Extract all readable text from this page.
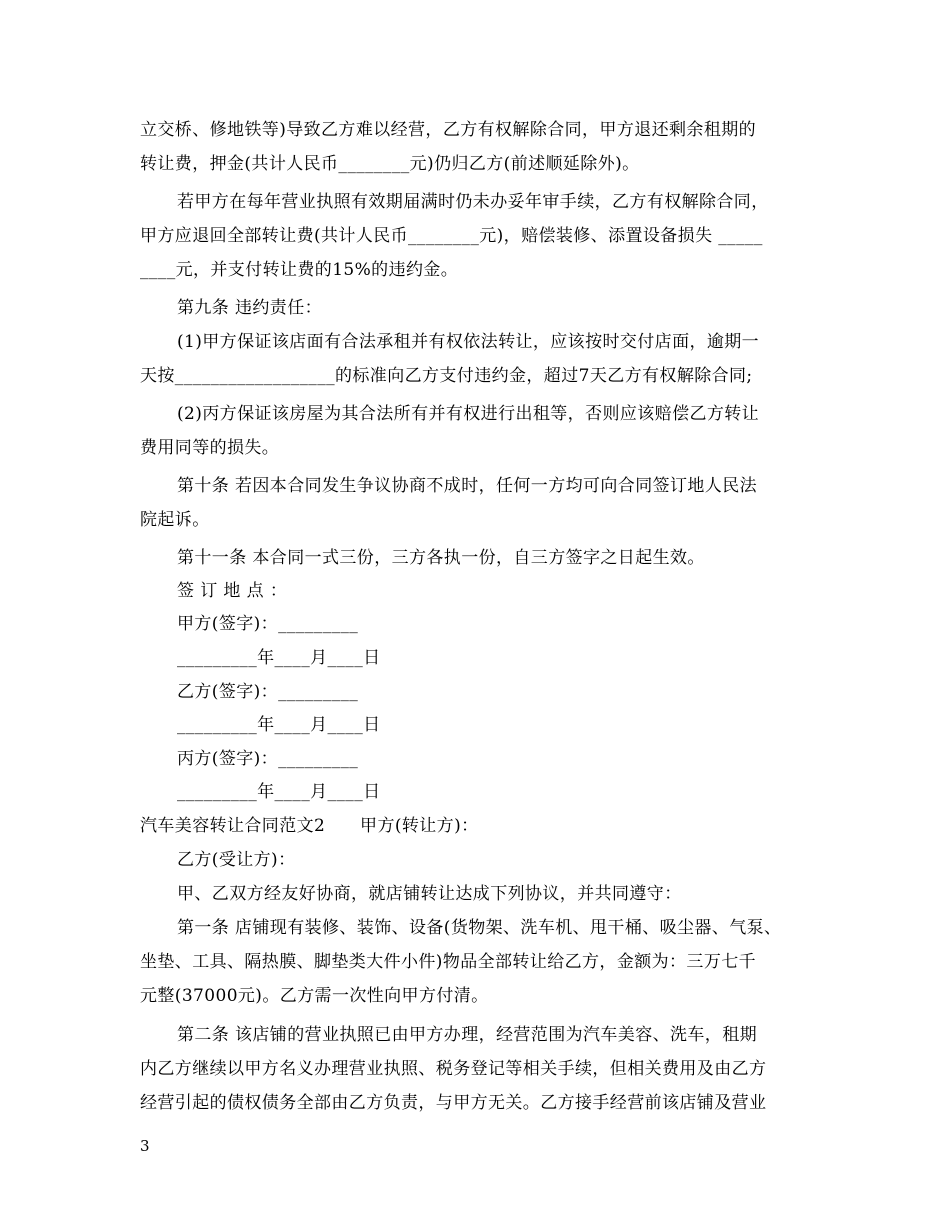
立交桥、修地铁等)导致乙方难以经营，乙方有权解除合同，甲方退还剩余租期的
转让费，押金(共计人民币________元)仍归乙方(前述顺延除外)。
若甲方在每年营业执照有效期届满时仍未办妥年审手续，乙方有权解除合同，
甲方应退回全部转让费(共计人民币________元)，赔偿装修、添置设备损失 _____
____元，并支付转让费的15%的违约金。
第九条 违约责任：
(1)甲方保证该店面有合法承租并有权依法转让，应该按时交付店面，逾期一
天按__________________的标准向乙方支付违约金，超过7天乙方有权解除合同;
(2)丙方保证该房屋为其合法所有并有权进行出租等，否则应该赔偿乙方转让
费用同等的损失。
第十条 若因本合同发生争议协商不成时，任何一方均可向合同签订地人民法
院起诉。
第十一条 本合同一式三份，三方各执一份，自三方签字之日起生效。
签 订 地 点 ：
甲方(签字)：_________
_________年____月____日
乙方(签字)：_________
_________年____月____日
丙方(签字)：_________
_________年____月____日
汽车美容转让合同范文2      甲方(转让方)：
乙方(受让方)：
甲、乙双方经友好协商，就店铺转让达成下列协议，并共同遵守：
第一条 店铺现有装修、装饰、设备(货物架、洗车机、甩干桶、吸尘器、气泵、
坐垫、工具、隔热膜、脚垫类大件小件)物品全部转让给乙方，金额为：三万七千
元整(37000元)。乙方需一次性向甲方付清。
第二条 该店铺的营业执照已由甲方办理，经营范围为汽车美容、洗车，租期
内乙方继续以甲方名义办理营业执照、税务登记等相关手续，但相关费用及由乙方
经营引起的债权债务全部由乙方负责，与甲方无关。乙方接手经营前该店铺及营业
3
